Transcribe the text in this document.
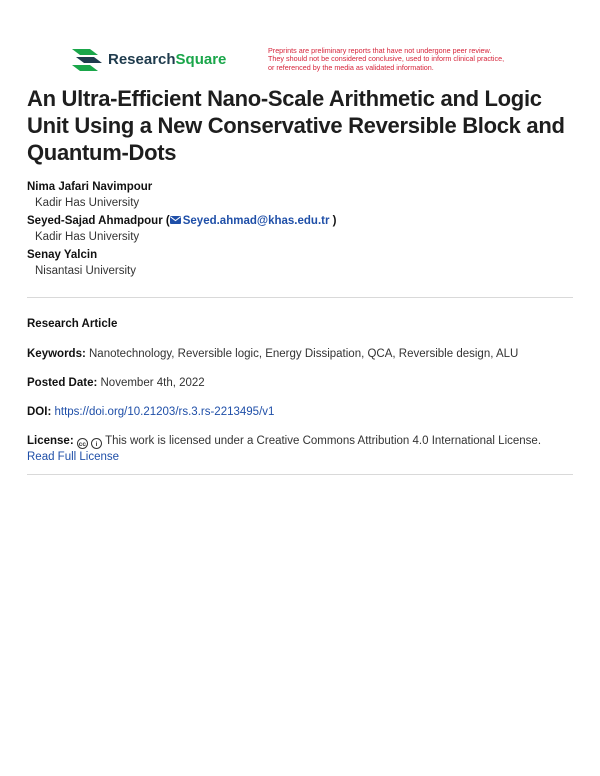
ResearchSquare	Preprints are preliminary reports that have not undergone peer review.
They should not be considered conclusive, used to inform clinical practice,
or referenced by the media as validated information.
An Ultra-Efficient Nano-Scale Arithmetic and Logic Unit Using a New Conservative Reversible Block and Quantum-Dots
Nima Jafari Navimpour
Kadir Has University
Seyed-Sajad Ahmadpour ( Seyed.ahmad@khas.edu.tr )
Kadir Has University
Senay Yalcin
Nisantasi University
Research Article
Keywords: Nanotechnology, Reversible logic, Energy Dissipation, QCA, Reversible design, ALU
Posted Date: November 4th, 2022
DOI: https://doi.org/10.21203/rs.3.rs-2213495/v1
License: cc i This work is licensed under a Creative Commons Attribution 4.0 International License.
Read Full License
